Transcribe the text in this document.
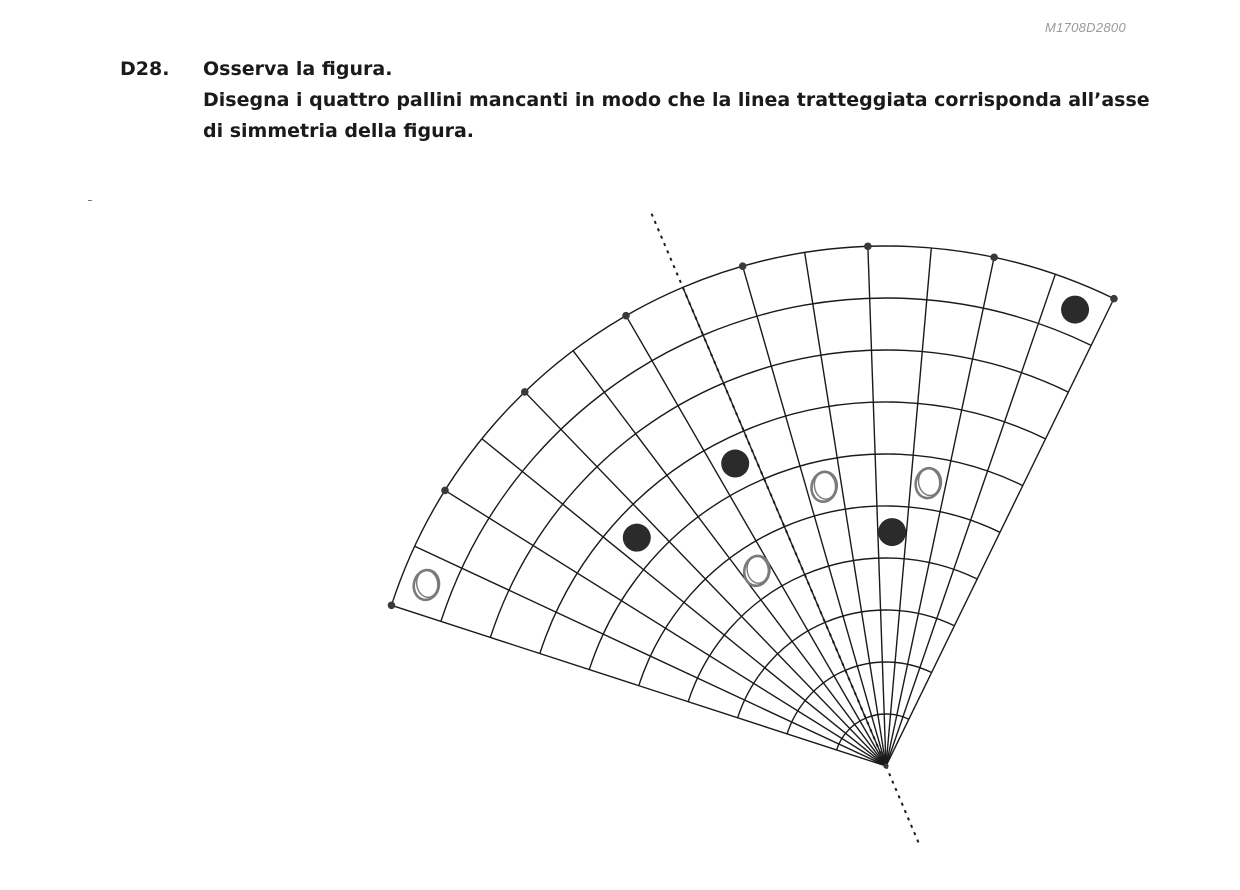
M1708D2800
D28. Osserva la figura.
Disegna i quattro pallini mancanti in modo che la linea tratteggiata corrisponda all’asse
di simmetria della figura.
